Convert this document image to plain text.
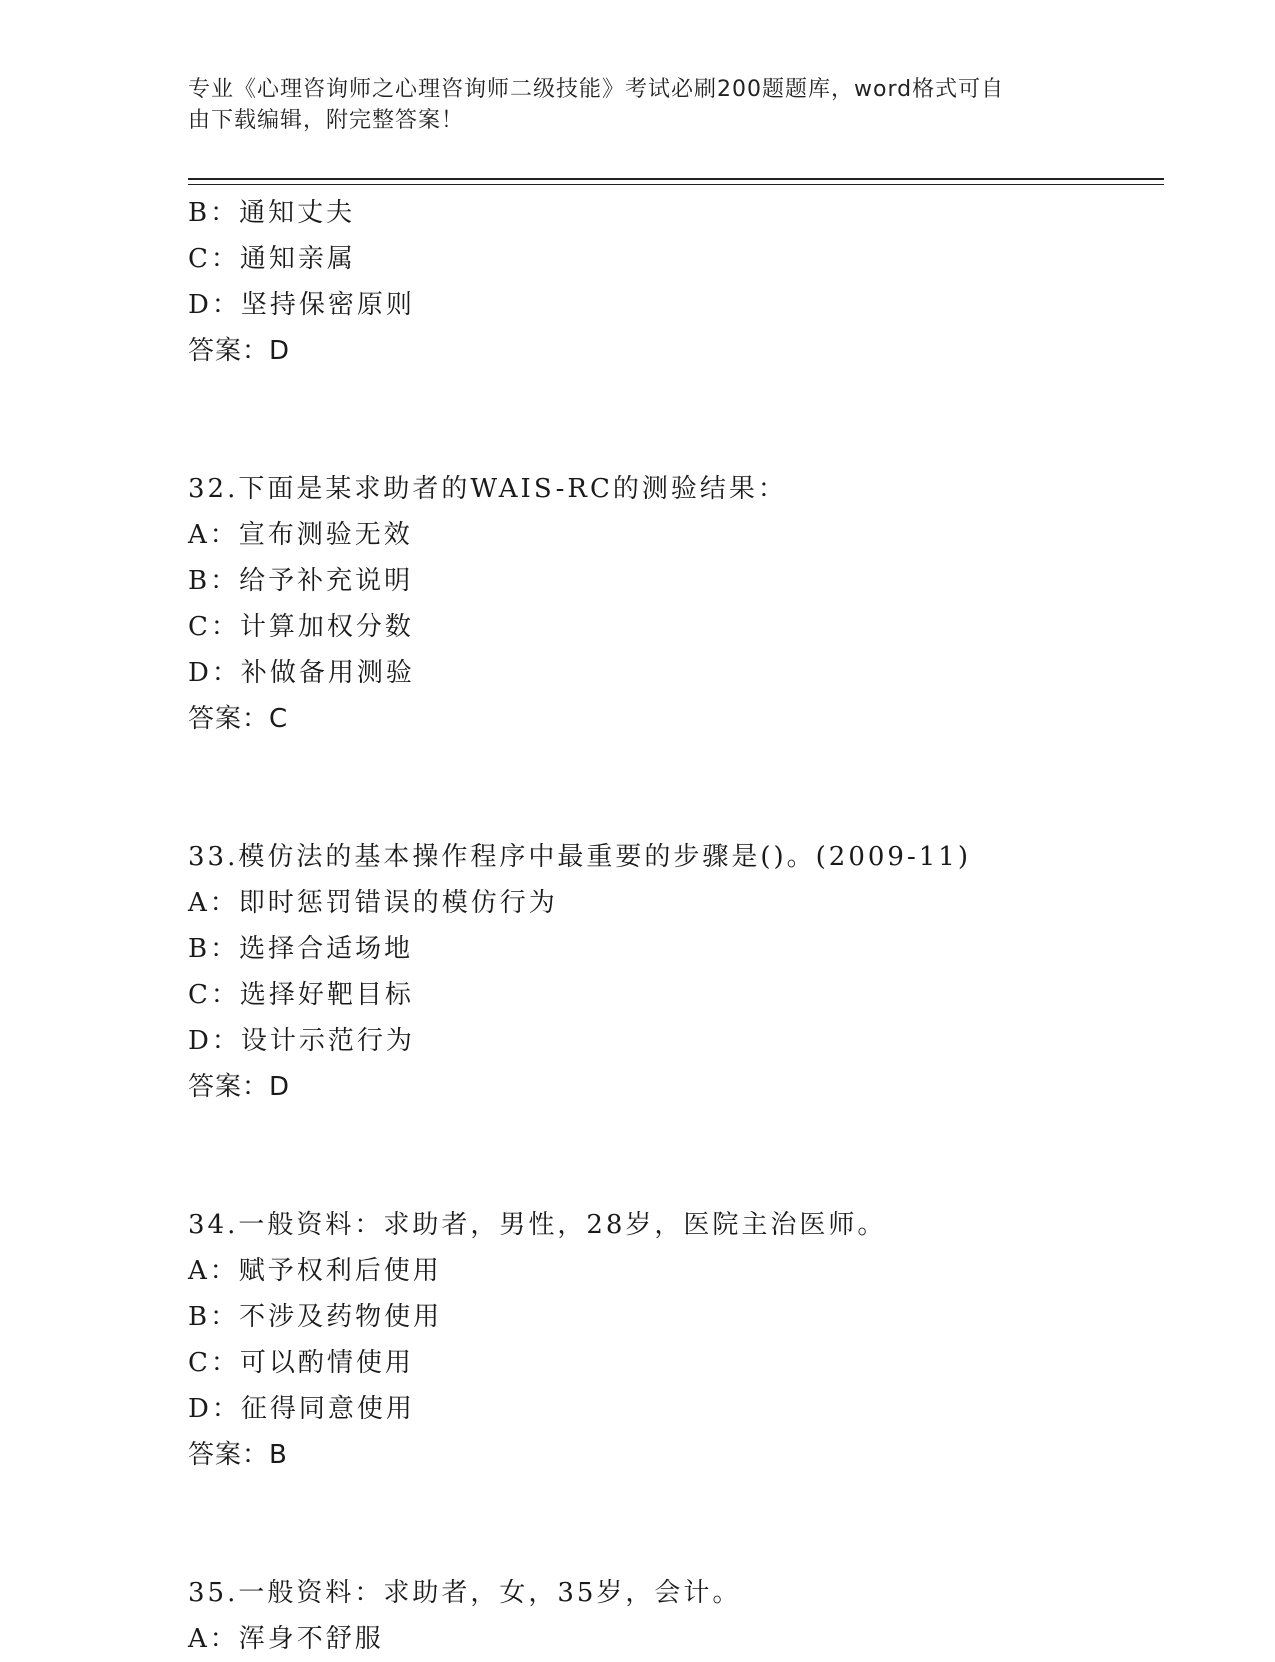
专业《心理咨询师之心理咨询师二级技能》考试必刷200题题库，word格式可自
由下载编辑，附完整答案！
B：通知丈夫
C：通知亲属
D：坚持保密原则
答案：D
32.下面是某求助者的WAIS-RC的测验结果：
A：宣布测验无效
B：给予补充说明
C：计算加权分数
D：补做备用测验
答案：C
33.模仿法的基本操作程序中最重要的步骤是()。(2009-11)
A：即时惩罚错误的模仿行为
B：选择合适场地
C：选择好靶目标
D：设计示范行为
答案：D
34.一般资料：求助者，男性，28岁，医院主治医师。
A：赋予权利后使用
B：不涉及药物使用
C：可以酌情使用
D：征得同意使用
答案：B
35.一般资料：求助者，女，35岁，会计。
A：浑身不舒服
